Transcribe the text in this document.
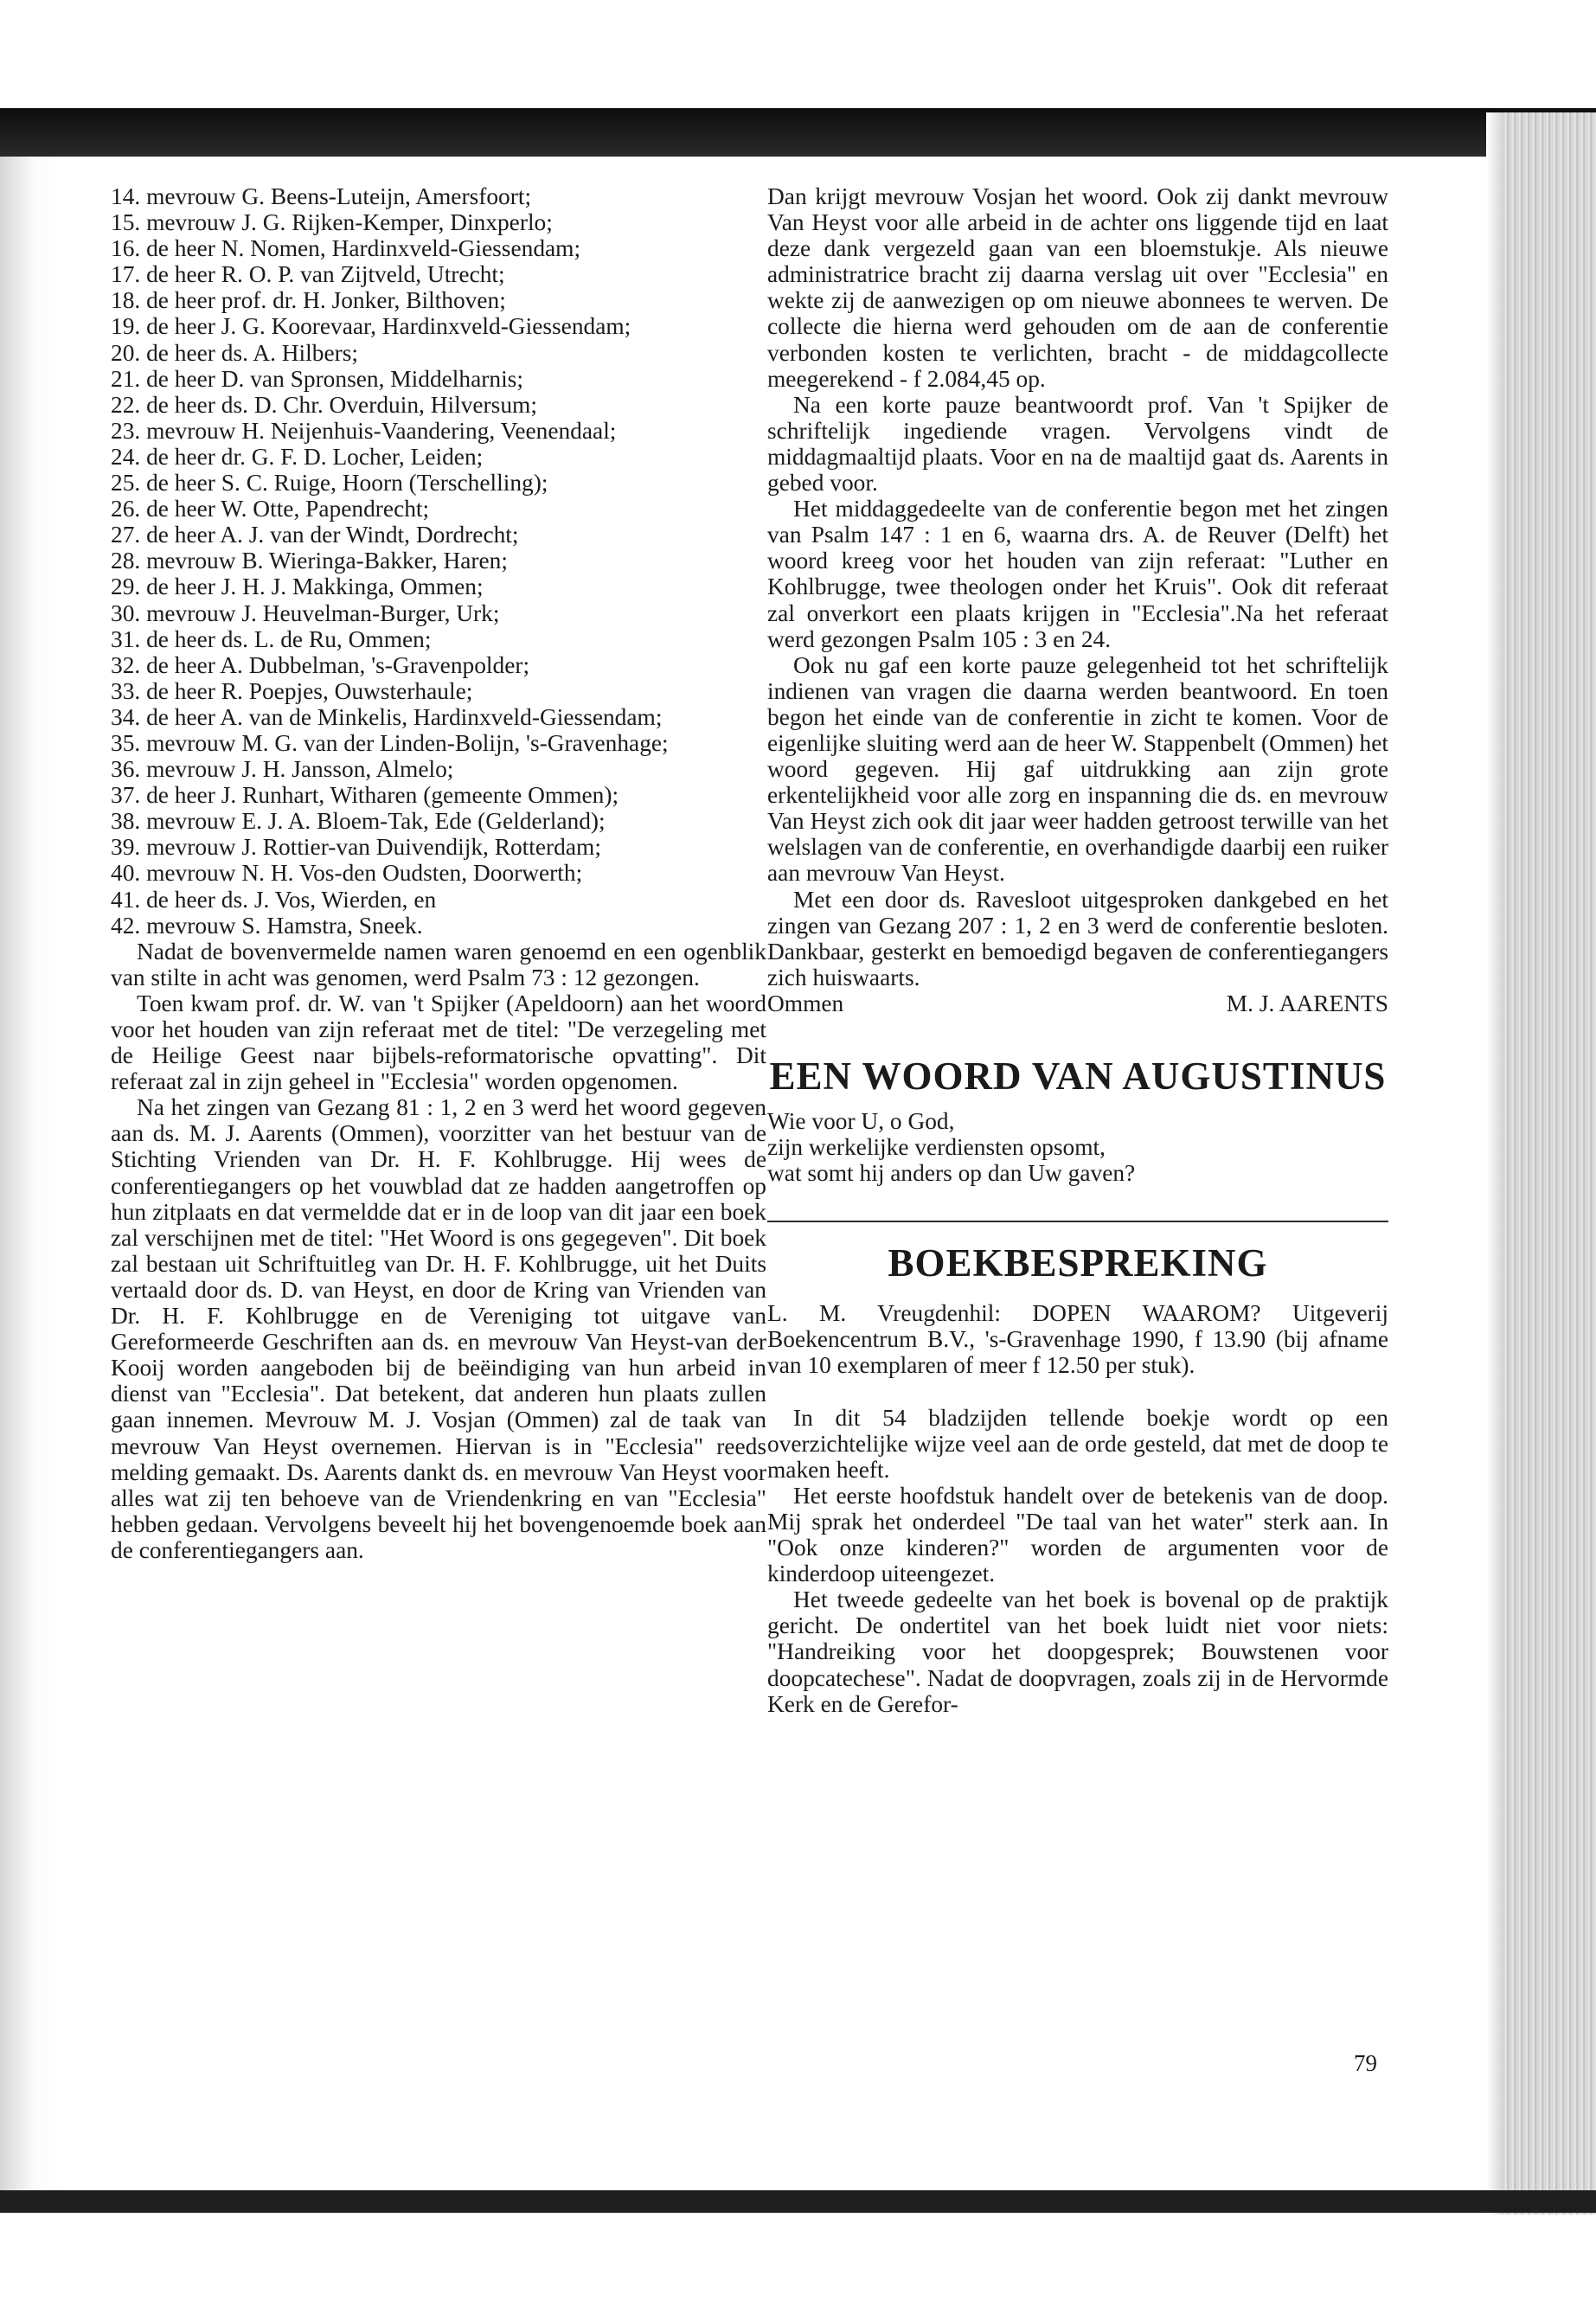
14. mevrouw G. Beens-Luteijn, Amersfoort;

15. mevrouw J. G. Rijken-Kemper, Dinxperlo;

16. de heer N. Nomen, Hardinxveld-Giessendam;

17. de heer R. O. P. van Zijtveld, Utrecht;

18. de heer prof. dr. H. Jonker, Bilthoven;

19. de heer J. G. Koorevaar, Hardinxveld-Giessendam;

20. de heer ds. A. Hilbers;

21. de heer D. van Spronsen, Middelharnis;

22. de heer ds. D. Chr. Overduin, Hilversum;

23. mevrouw H. Neijenhuis-Vaandering, Veenendaal;

24. de heer dr. G. F. D. Locher, Leiden;

25. de heer S. C. Ruige, Hoorn (Terschelling);

26. de heer W. Otte, Papendrecht;

27. de heer A. J. van der Windt, Dordrecht;

28. mevrouw B. Wieringa-Bakker, Haren;

29. de heer J. H. J. Makkinga, Ommen;

30. mevrouw J. Heuvelman-Burger, Urk;

31. de heer ds. L. de Ru, Ommen;

32. de heer A. Dubbelman, 's-Gravenpolder;

33. de heer R. Poepjes, Ouwsterhaule;

34. de heer A. van de Minkelis, Hardinxveld-Giessendam;

35. mevrouw M. G. van der Linden-Bolijn, 's-Gravenhage;

36. mevrouw J. H. Jansson, Almelo;

37. de heer J. Runhart, Witharen (gemeente Ommen);

38. mevrouw E. J. A. Bloem-Tak, Ede (Gelderland);

39. mevrouw J. Rottier-van Duivendijk, Rotterdam;

40. mevrouw N. H. Vos-den Oudsten, Doorwerth;

41. de heer ds. J. Vos, Wierden, en

42. mevrouw S. Hamstra, Sneek.

Nadat de bovenvermelde namen waren genoemd en een ogenblik van stilte in acht was genomen, werd Psalm 73 : 12 gezongen.

Toen kwam prof. dr. W. van 't Spijker (Apeldoorn) aan het woord voor het houden van zijn referaat met de titel: "De verzegeling met de Heilige Geest naar bijbels-reformatorische opvatting". Dit referaat zal in zijn geheel in "Ecclesia" worden opgenomen.

Na het zingen van Gezang 81 : 1, 2 en 3 werd het woord gegeven aan ds. M. J. Aarents (Ommen), voorzitter van het bestuur van de Stichting Vrienden van Dr. H. F. Kohlbrugge. Hij wees de conferentiegangers op het vouwblad dat ze hadden aangetroffen op hun zitplaats en dat vermeldde dat er in de loop van dit jaar een boek zal verschijnen met de titel: "Het Woord is ons gegegeven". Dit boek zal bestaan uit Schriftuitleg van Dr. H. F. Kohlbrugge, uit het Duits vertaald door ds. D. van Heyst, en door de Kring van Vrienden van Dr. H. F. Kohlbrugge en de Vereniging tot uitgave van Gereformeerde Geschriften aan ds. en mevrouw Van Heyst-van der Kooij worden aangeboden bij de beëindiging van hun arbeid in dienst van "Ecclesia". Dat betekent, dat anderen hun plaats zullen gaan innemen. Mevrouw M. J. Vosjan (Ommen) zal de taak van mevrouw Van Heyst overnemen. Hiervan is in "Ecclesia" reeds melding gemaakt. Ds. Aarents dankt ds. en mevrouw Van Heyst voor alles wat zij ten behoeve van de Vriendenkring en van "Ecclesia" hebben gedaan. Vervolgens beveelt hij het bovengenoemde boek aan de conferentiegangers aan.

Dan krijgt mevrouw Vosjan het woord. Ook zij dankt mevrouw Van Heyst voor alle arbeid in de achter ons liggende tijd en laat deze dank vergezeld gaan van een bloemstukje. Als nieuwe administratrice bracht zij daarna verslag uit over "Ecclesia" en wekte zij de aanwezigen op om nieuwe abonnees te werven. De collecte die hierna werd gehouden om de aan de conferentie verbonden kosten te verlichten, bracht - de middagcollecte meegerekend - f 2.084,45 op.

Na een korte pauze beantwoordt prof. Van 't Spijker de schriftelijk ingediende vragen. Vervolgens vindt de middagmaaltijd plaats. Voor en na de maaltijd gaat ds. Aarents in gebed voor.

Het middaggedeelte van de conferentie begon met het zingen van Psalm 147 : 1 en 6, waarna drs. A. de Reuver (Delft) het woord kreeg voor het houden van zijn referaat: "Luther en Kohlbrugge, twee theologen onder het Kruis". Ook dit referaat zal onverkort een plaats krijgen in "Ecclesia".Na het referaat werd gezongen Psalm 105 : 3 en 24.

Ook nu gaf een korte pauze gelegenheid tot het schriftelijk indienen van vragen die daarna werden beantwoord. En toen begon het einde van de conferentie in zicht te komen. Voor de eigenlijke sluiting werd aan de heer W. Stappenbelt (Ommen) het woord gegeven. Hij gaf uitdrukking aan zijn grote erkentelijkheid voor alle zorg en inspanning die ds. en mevrouw Van Heyst zich ook dit jaar weer hadden getroost terwille van het welslagen van de conferentie, en overhandigde daarbij een ruiker aan mevrouw Van Heyst.

Met een door ds. Ravesloot uitgesproken dankgebed en het zingen van Gezang 207 : 1, 2 en 3 werd de conferentie besloten. Dankbaar, gesterkt en bemoedigd begaven de conferentiegangers zich huiswaarts.

Ommen	M. J. AARENTS
EEN WOORD VAN AUGUSTINUS

Wie voor U, o God,

zijn werkelijke verdiensten opsomt,

wat somt hij anders op dan Uw gaven?

BOEKBESPREKING

L. M. Vreugdenhil: DOPEN WAAROM? Uitgeverij Boekencentrum B.V., 's-Gravenhage 1990, f 13.90 (bij afname van 10 exemplaren of meer f 12.50 per stuk).

In dit 54 bladzijden tellende boekje wordt op een overzichtelijke wijze veel aan de orde gesteld, dat met de doop te maken heeft.

Het eerste hoofdstuk handelt over de betekenis van de doop. Mij sprak het onderdeel "De taal van het water" sterk aan. In "Ook onze kinderen?" worden de argumenten voor de kinderdoop uiteengezet.

Het tweede gedeelte van het boek is bovenal op de praktijk gericht. De ondertitel van het boek luidt niet voor niets: "Handreiking voor het doopgesprek; Bouwstenen voor doopcatechese". Nadat de doopvragen, zoals zij in de Hervormde Kerk en de Gerefor-

79
